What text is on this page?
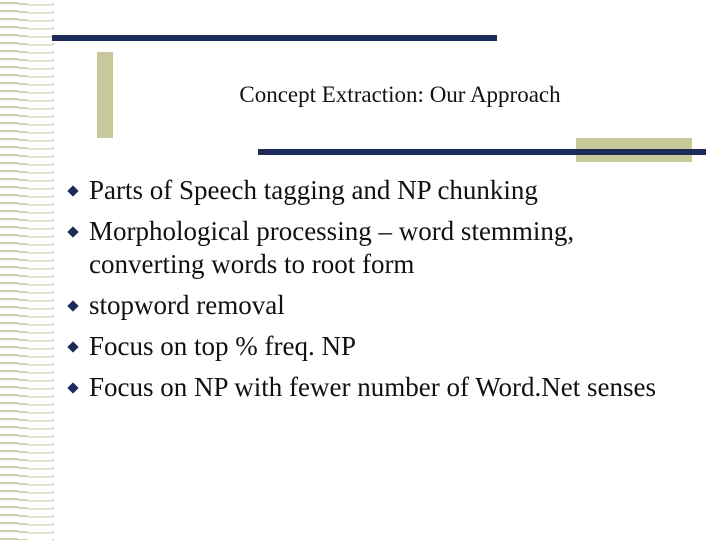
Concept Extraction: Our Approach
Parts of Speech tagging and NP chunking
Morphological processing – word stemming, converting words to root form
stopword removal
Focus on top % freq. NP
Focus on NP with fewer number of Word.Net senses
